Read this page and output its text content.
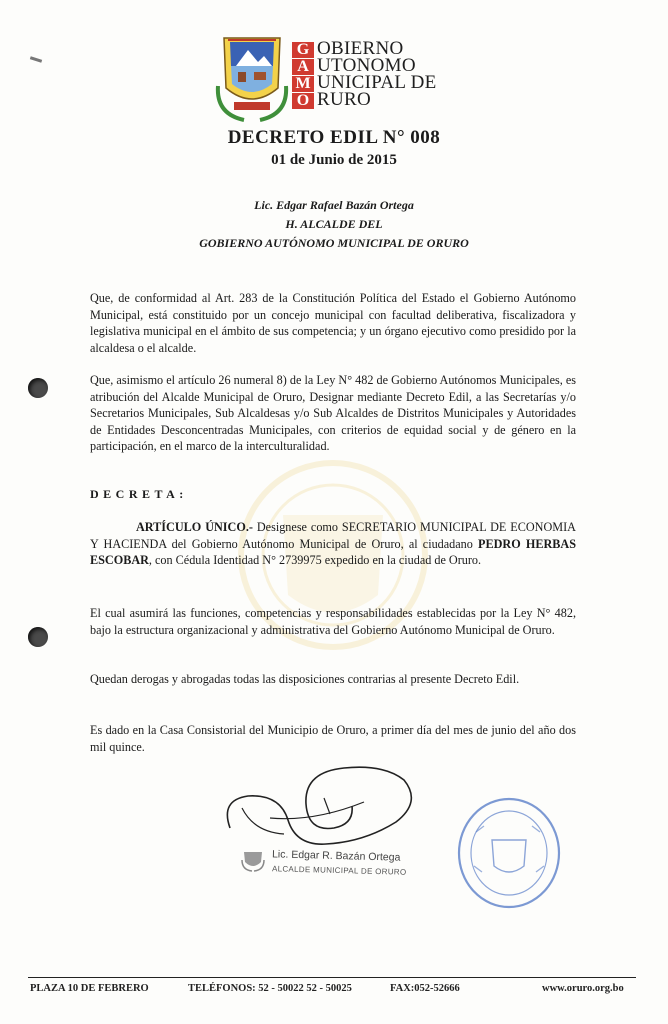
G
A
M
O
OBIERNO
UTONOMO
UNICIPAL DE
RURO
DECRETO EDIL N° 008
01 de Junio de 2015
Lic. Edgar Rafael Bazán Ortega
H. ALCALDE DEL
GOBIERNO AUTÓNOMO MUNICIPAL DE ORURO
Que, de conformidad al Art. 283 de la Constitución Política del Estado el Gobierno Autónomo Municipal, está constituido por un concejo municipal con facultad deliberativa, fiscalizadora y legislativa municipal en el ámbito de sus competencia; y un órgano ejecutivo como presidido por la alcaldesa o el alcalde.
Que, asimismo el artículo 26 numeral 8) de la Ley N° 482 de Gobierno Autónomos Municipales, es atribución del Alcalde Municipal de Oruro, Designar mediante Decreto Edil, a las Secretarías y/o Secretarios Municipales, Sub Alcaldesas y/o Sub Alcaldes de Distritos Municipales y Autoridades de Entidades Desconcentradas Municipales, con criterios de equidad social y de género en la participación, en el marco de la interculturalidad.
DECRETA:
ARTÍCULO ÚNICO.- Designese como SECRETARIO MUNICIPAL DE ECONOMIA Y HACIENDA del Gobierno Autónomo Municipal de Oruro, al ciudadano PEDRO HERBAS ESCOBAR, con Cédula Identidad N° 2739975 expedido en la ciudad de Oruro.
El cual asumirá las funciones, competencias y responsabilidades establecidas por la Ley N° 482, bajo la estructura organizacional y administrativa del Gobierno Autónomo Municipal de Oruro.
Quedan derogas y abrogadas todas las disposiciones contrarias al presente Decreto Edil.
Es dado en la Casa Consistorial del Municipio de Oruro, a primer día del mes de junio del año dos mil quince.
Lic. Edgar R. Bazán Ortega
ALCALDE MUNICIPAL DE ORURO
PLAZA 10 DE FEBRERO	TELÉFONOS: 52 - 50022 52 - 50025	FAX:052-52666	www.oruro.org.bo
